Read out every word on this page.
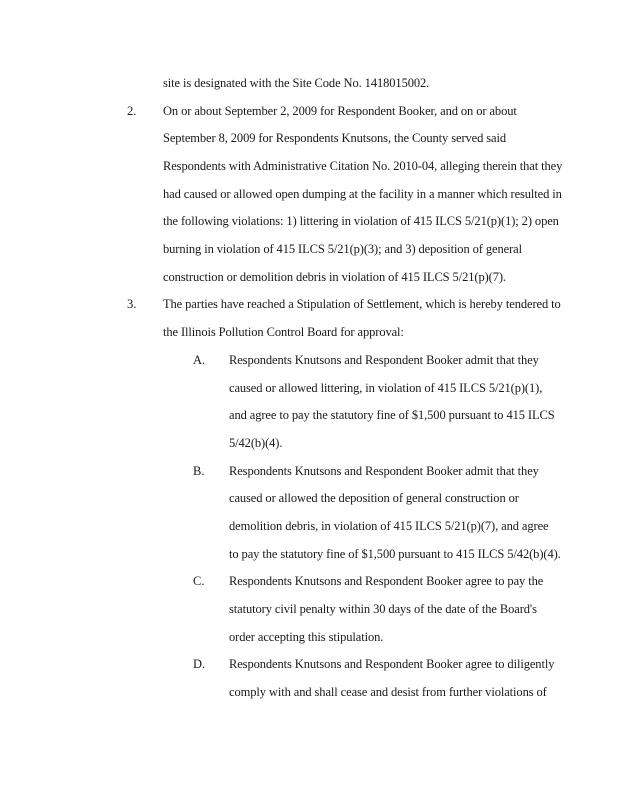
site is designated with the Site Code No. 1418015002.
2. On or about September 2, 2009 for Respondent Booker, and on or about
September 8, 2009 for Respondents Knutsons, the County served said
Respondents with Administrative Citation No. 2010-04, alleging therein that they
had caused or allowed open dumping at the facility in a manner which resulted in
the following violations: 1) littering in violation of 415 ILCS 5/21(p)(1); 2) open
burning in violation of 415 ILCS 5/21(p)(3); and 3) deposition of general
construction or demolition debris in violation of 415 ILCS 5/21(p)(7).
3. The parties have reached a Stipulation of Settlement, which is hereby tendered to
the Illinois Pollution Control Board for approval:
A. Respondents Knutsons and Respondent Booker admit that they
caused or allowed littering, in violation of 415 ILCS 5/21(p)(1),
and agree to pay the statutory fine of $1,500 pursuant to 415 ILCS
5/42(b)(4).
B. Respondents Knutsons and Respondent Booker admit that they
caused or allowed the deposition of general construction or
demolition debris, in violation of 415 ILCS 5/21(p)(7), and agree
to pay the statutory fine of $1,500 pursuant to 415 ILCS 5/42(b)(4).
C. Respondents Knutsons and Respondent Booker agree to pay the
statutory civil penalty within 30 days of the date of the Board's
order accepting this stipulation.
D. Respondents Knutsons and Respondent Booker agree to diligently
comply with and shall cease and desist from further violations of
